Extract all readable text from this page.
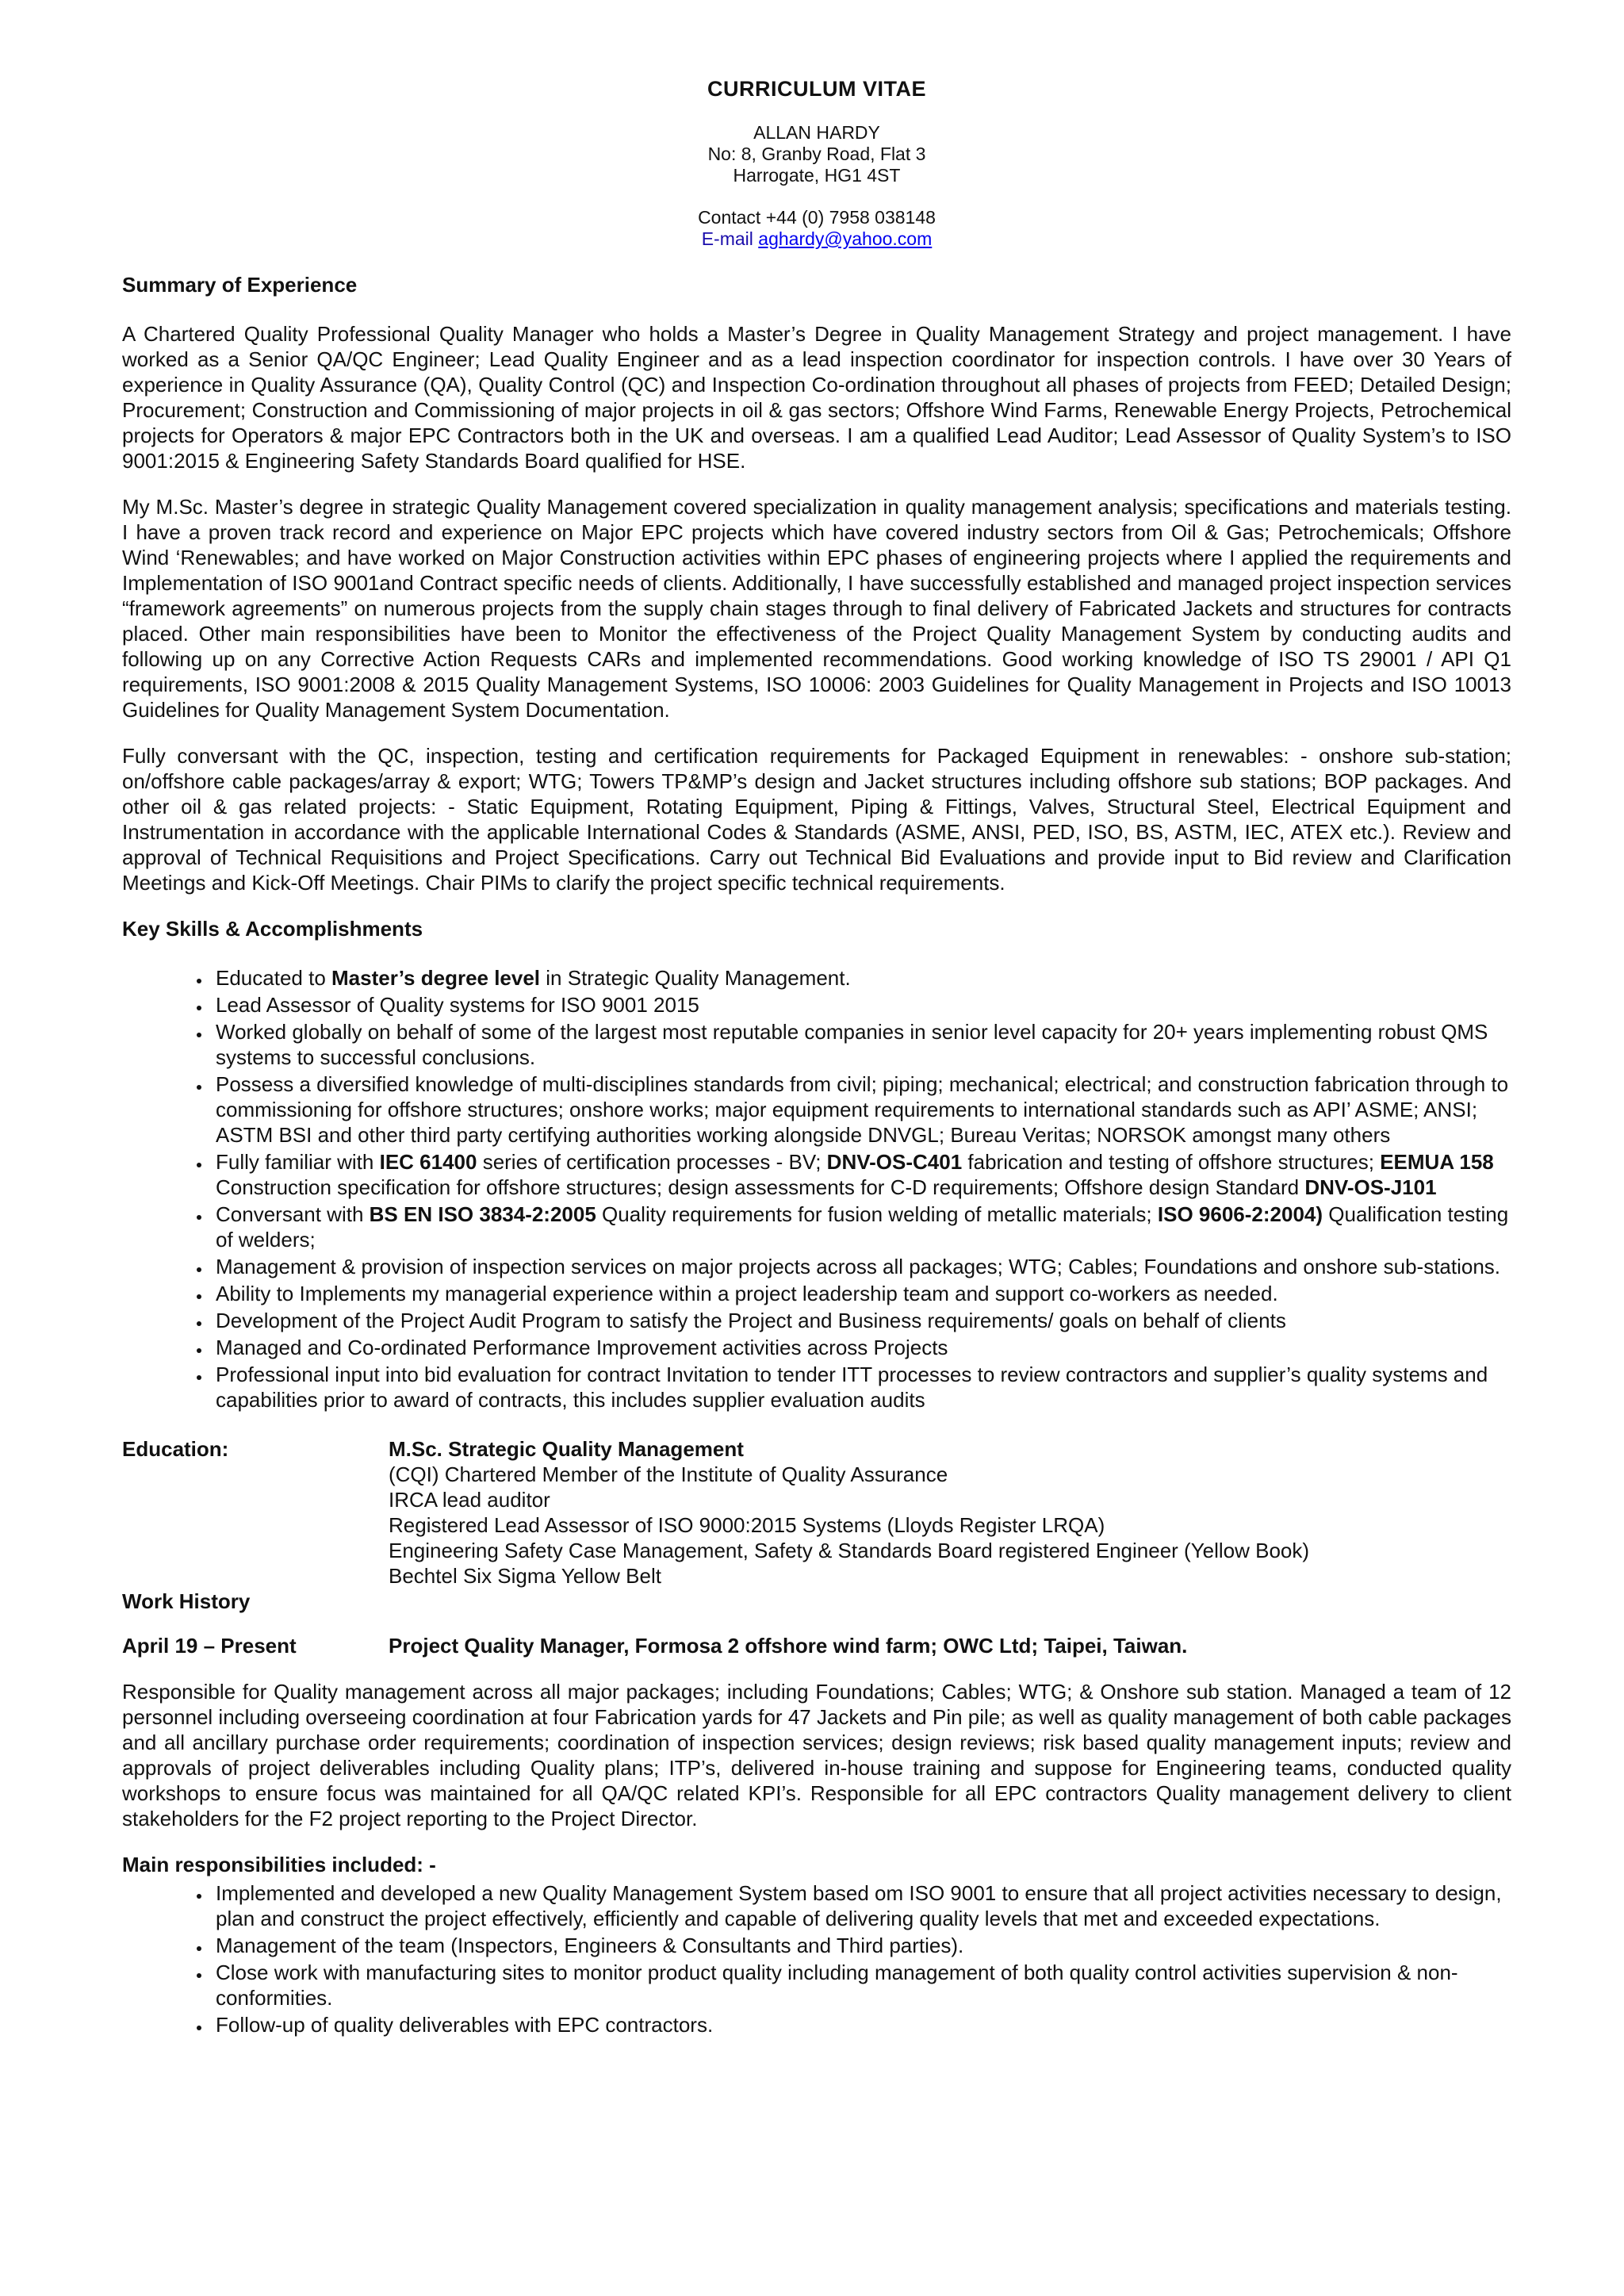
CURRICULUM VITAE
ALLAN HARDY
No: 8, Granby Road, Flat 3
Harrogate, HG1 4ST
Contact +44 (0) 7958 038148
E-mail aghardy@yahoo.com
Summary of Experience

A Chartered Quality Professional Quality Manager who holds a Master’s Degree in Quality Management Strategy and project management. I have worked as a Senior QA/QC Engineer; Lead Quality Engineer and as a lead inspection coordinator for inspection controls. I have over 30 Years of experience in Quality Assurance (QA), Quality Control (QC) and Inspection Co-ordination throughout all phases of projects from FEED; Detailed Design; Procurement; Construction and Commissioning of major projects in oil & gas sectors; Offshore Wind Farms, Renewable Energy Projects, Petrochemical projects for Operators & major EPC Contractors both in the UK and overseas. I am a qualified Lead Auditor; Lead Assessor of Quality System’s to ISO 9001:2015 & Engineering Safety Standards Board qualified for HSE.

My M.Sc. Master’s degree in strategic Quality Management covered specialization in quality management analysis; specifications and materials testing. I have a proven track record and experience on Major EPC projects which have covered industry sectors from Oil & Gas; Petrochemicals; Offshore Wind ‘Renewables; and have worked on Major Construction activities within EPC phases of engineering projects where I applied the requirements and Implementation of ISO 9001and Contract specific needs of clients. Additionally, I have successfully established and managed project inspection services “framework agreements” on numerous projects from the supply chain stages through to final delivery of Fabricated Jackets and structures for contracts placed. Other main responsibilities have been to Monitor the effectiveness of the Project Quality Management System by conducting audits and following up on any Corrective Action Requests CARs and implemented recommendations. Good working knowledge of ISO TS 29001 / API Q1 requirements, ISO 9001:2008 & 2015 Quality Management Systems, ISO 10006: 2003 Guidelines for Quality Management in Projects and ISO 10013 Guidelines for Quality Management System Documentation.

Fully conversant with the QC, inspection, testing and certification requirements for Packaged Equipment in renewables: - onshore sub-station; on/offshore cable packages/array & export; WTG; Towers TP&MP’s design and Jacket structures including offshore sub stations; BOP packages. And other oil & gas related projects: - Static Equipment, Rotating Equipment, Piping & Fittings, Valves, Structural Steel, Electrical Equipment and Instrumentation in accordance with the applicable International Codes & Standards (ASME, ANSI, PED, ISO, BS, ASTM, IEC, ATEX etc.). Review and approval of Technical Requisitions and Project Specifications. Carry out Technical Bid Evaluations and provide input to Bid review and Clarification Meetings and Kick-Off Meetings. Chair PIMs to clarify the project specific technical requirements.

Key Skills & Accomplishments
• Educated to Master’s degree level in Strategic Quality Management.
• Lead Assessor of Quality systems for ISO 9001 2015
• Worked globally on behalf of some of the largest most reputable companies in senior level capacity for 20+ years implementing robust QMS systems to successful conclusions.
• Possess a diversified knowledge of multi-disciplines standards from civil; piping; mechanical; electrical; and construction fabrication through to commissioning for offshore structures; onshore works; major equipment requirements to international standards such as API’ ASME; ANSI; ASTM BSI and other third party certifying authorities working alongside DNVGL; Bureau Veritas; NORSOK amongst many others
• Fully familiar with IEC 61400 series of certification processes - BV; DNV-OS-C401 fabrication and testing of offshore structures; EEMUA 158 Construction specification for offshore structures; design assessments for C-D requirements; Offshore design Standard DNV-OS-J101
• Conversant with BS EN ISO 3834-2:2005 Quality requirements for fusion welding of metallic materials; ISO 9606-2:2004) Qualification testing of welders;
• Management & provision of inspection services on major projects across all packages; WTG; Cables; Foundations and onshore sub-stations.
• Ability to Implements my managerial experience within a project leadership team and support co-workers as needed.
• Development of the Project Audit Program to satisfy the Project and Business requirements/ goals on behalf of clients
• Managed and Co-ordinated Performance Improvement activities across Projects
• Professional input into bid evaluation for contract Invitation to tender ITT processes to review contractors and supplier’s quality systems and capabilities prior to award of contracts, this includes supplier evaluation audits
Education:	M.Sc. Strategic Quality Management
(CQI) Chartered Member of the Institute of Quality Assurance
IRCA lead auditor
Registered Lead Assessor of ISO 9000:2015 Systems (Lloyds Register LRQA)
Engineering Safety Case Management, Safety & Standards Board registered Engineer (Yellow Book)
Bechtel Six Sigma Yellow Belt
Work History
April 19 – Present	Project Quality Manager, Formosa 2 offshore wind farm; OWC Ltd; Taipei, Taiwan.

Responsible for Quality management across all major packages; including Foundations; Cables; WTG; & Onshore sub station. Managed a team of 12 personnel including overseeing coordination at four Fabrication yards for 47 Jackets and Pin pile; as well as quality management of both cable packages and all ancillary purchase order requirements; coordination of inspection services; design reviews; risk based quality management inputs; review and approvals of project deliverables including Quality plans; ITP’s, delivered in-house training and suppose for Engineering teams, conducted quality workshops to ensure focus was maintained for all QA/QC related KPI’s. Responsible for all EPC contractors Quality management delivery to client stakeholders for the F2 project reporting to the Project Director.

Main responsibilities included: -
• Implemented and developed a new Quality Management System based om ISO 9001 to ensure that all project activities necessary to design, plan and construct the project effectively, efficiently and capable of delivering quality levels that met and exceeded expectations.
• Management of the team (Inspectors, Engineers & Consultants and Third parties).
• Close work with manufacturing sites to monitor product quality including management of both quality control activities supervision & non-conformities.
• Follow-up of quality deliverables with EPC contractors.
